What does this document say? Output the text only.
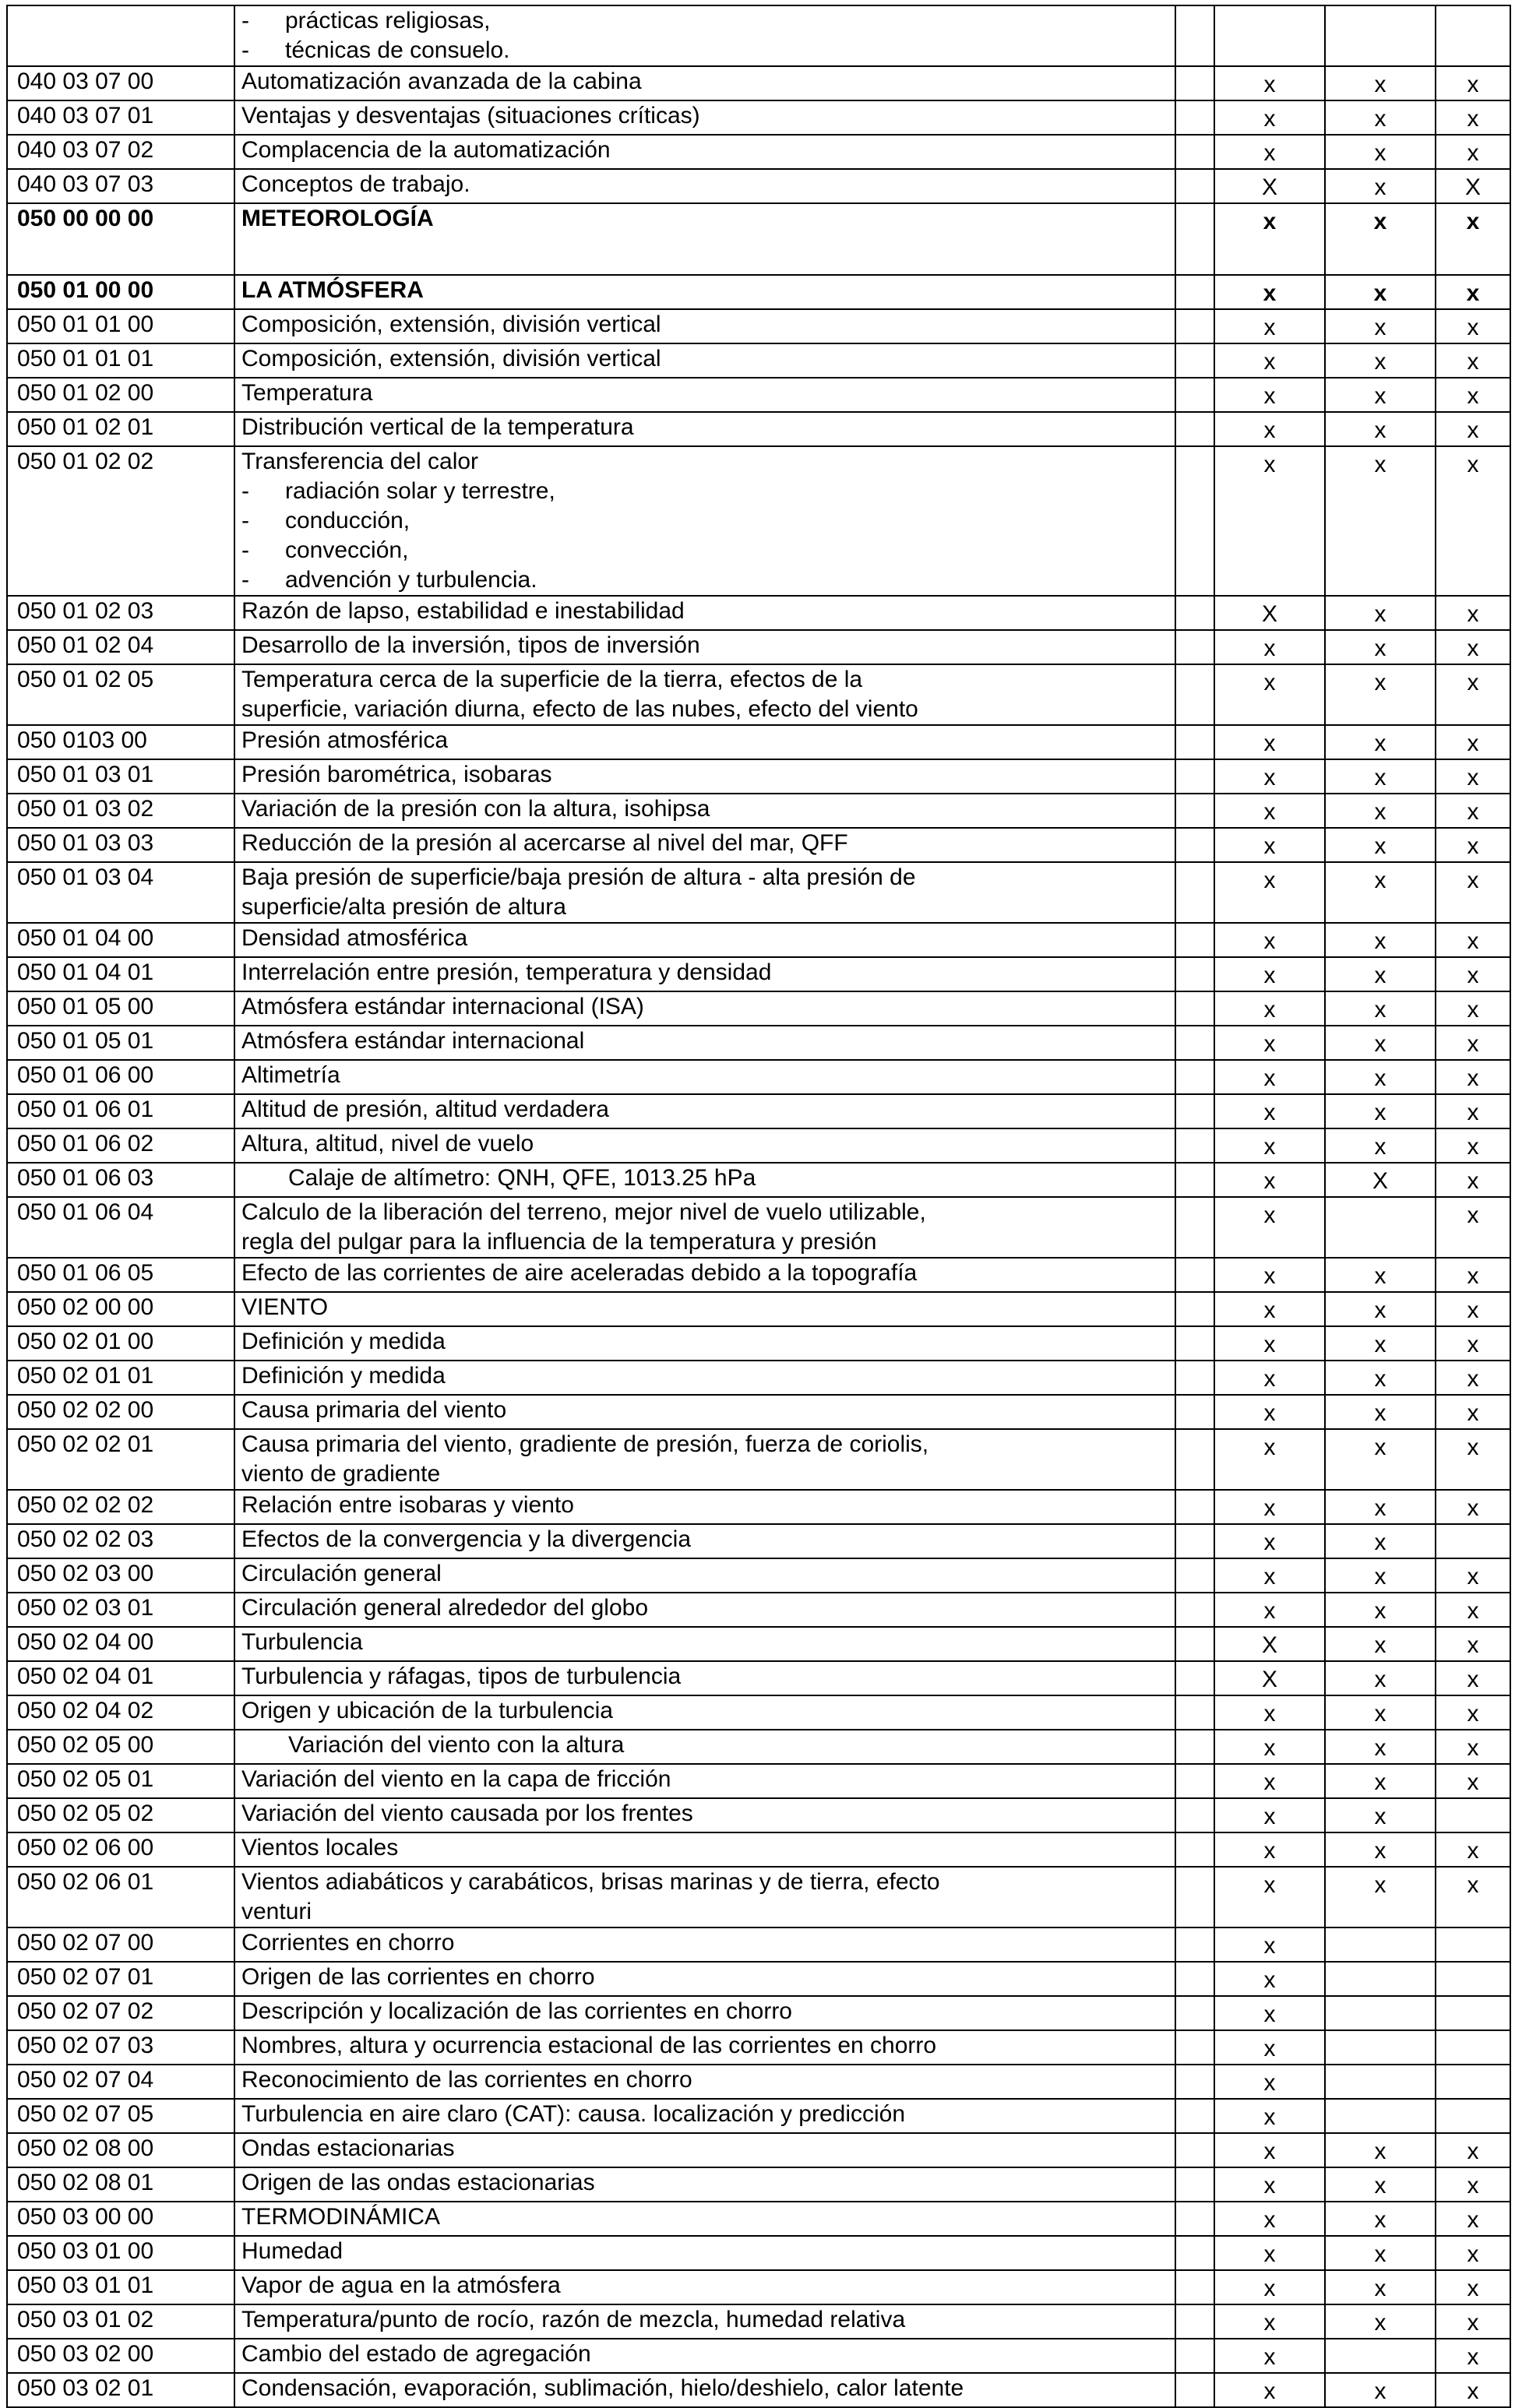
	- prácticas religiosas,
- técnicas de consuelo.				

040 03 07 00	Automatización avanzada de la cabina		x	x	x
040 03 07 01	Ventajas y desventajas (situaciones críticas)		x	x	x
040 03 07 02	Complacencia de la automatización		x	x	x
040 03 07 03	Conceptos de trabajo.		X	x	X
050 00 00 00	METEOROLOGÍA		x	x	x
050 01 00 00	LA ATMÓSFERA		x	x	x
050 01 01 00	Composición, extensión, división vertical		x	x	x
050 01 01 01	Composición, extensión, división vertical		x	x	x
050 01 02 00	Temperatura		x	x	x
050 01 02 01	Distribución vertical de la temperatura		x	x	x
050 01 02 02	Transferencia del calor
- radiación solar y terrestre,
- conducción,
- convección,
- advención y turbulencia.		x	x	x
050 01 02 03	Razón de lapso, estabilidad e inestabilidad		X	x	x
050 01 02 04	Desarrollo de la inversión, tipos de inversión		x	x	x
050 01 02 05	Temperatura cerca de la superficie de la tierra, efectos de la
superficie, variación diurna, efecto de las nubes, efecto del viento		x	x	x
050 0103 00	Presión atmosférica		x	x	x
050 01 03 01	Presión barométrica, isobaras		x	x	x
050 01 03 02	Variación de la presión con la altura, isohipsa		x	x	x
050 01 03 03	Reducción de la presión al acercarse al nivel del mar, QFF		x	x	x
050 01 03 04	Baja presión de superficie/baja presión de altura - alta presión de
superficie/alta presión de altura		x	x	x
050 01 04 00	Densidad atmosférica		x	x	x
050 01 04 01	Interrelación entre presión, temperatura y densidad		x	x	x
050 01 05 00	Atmósfera estándar internacional (ISA)		x	x	x
050 01 05 01	Atmósfera estándar internacional		x	x	x
050 01 06 00	Altimetría		x	x	x
050 01 06 01	Altitud de presión, altitud verdadera		x	x	x
050 01 06 02	Altura, altitud, nivel de vuelo		x	x	x
050 01 06 03	Calaje de altímetro: QNH, QFE, 1013.25 hPa		x	X	x
050 01 06 04	Calculo de la liberación del terreno, mejor nivel de vuelo utilizable,
regla del pulgar para la influencia de la temperatura y presión		x		x
050 01 06 05	Efecto de las corrientes de aire aceleradas debido a la topografía		x	x	x
050 02 00 00	VIENTO		x	x	x
050 02 01 00	Definición y medida		x	x	x
050 02 01 01	Definición y medida		x	x	x
050 02 02 00	Causa primaria del viento		x	x	x
050 02 02 01	Causa primaria del viento, gradiente de presión, fuerza de coriolis,
viento de gradiente		x	x	x
050 02 02 02	Relación entre isobaras y viento		x	x	x
050 02 02 03	Efectos de la convergencia y la divergencia		x	x	
050 02 03 00	Circulación general		x	x	x
050 02 03 01	Circulación general alrededor del globo		x	x	x
050 02 04 00	Turbulencia		X	x	x
050 02 04 01	Turbulencia y ráfagas, tipos de turbulencia		X	x	x
050 02 04 02	Origen y ubicación de la turbulencia		x	x	x
050 02 05 00	Variación del viento con la altura		x	x	x
050 02 05 01	Variación del viento en la capa de fricción		x	x	x
050 02 05 02	Variación del viento causada por los frentes		x	x	
050 02 06 00	Vientos locales		x	x	x
050 02 06 01	Vientos adiabáticos y carabáticos, brisas marinas y de tierra, efecto
venturi		x	x	x
050 02 07 00	Corrientes en chorro		x		
050 02 07 01	Origen de las corrientes en chorro		x		
050 02 07 02	Descripción y localización de las corrientes en chorro		x		
050 02 07 03	Nombres, altura y ocurrencia estacional de las corrientes en chorro		x		
050 02 07 04	Reconocimiento de las corrientes en chorro		x		
050 02 07 05	Turbulencia en aire claro (CAT): causa. localización y predicción		x		
050 02 08 00	Ondas estacionarias		x	x	x
050 02 08 01	Origen de las ondas estacionarias		x	x	x
050 03 00 00	TERMODINÁMICA		x	x	x
050 03 01 00	Humedad		x	x	x
050 03 01 01	Vapor de agua en la atmósfera		x	x	x
050 03 01 02	Temperatura/punto de rocío, razón de mezcla, humedad relativa		x	x	x
050 03 02 00	Cambio del estado de agregación		x		x
050 03 02 01	Condensación, evaporación, sublimación, hielo/deshielo, calor latente		x	x	x
